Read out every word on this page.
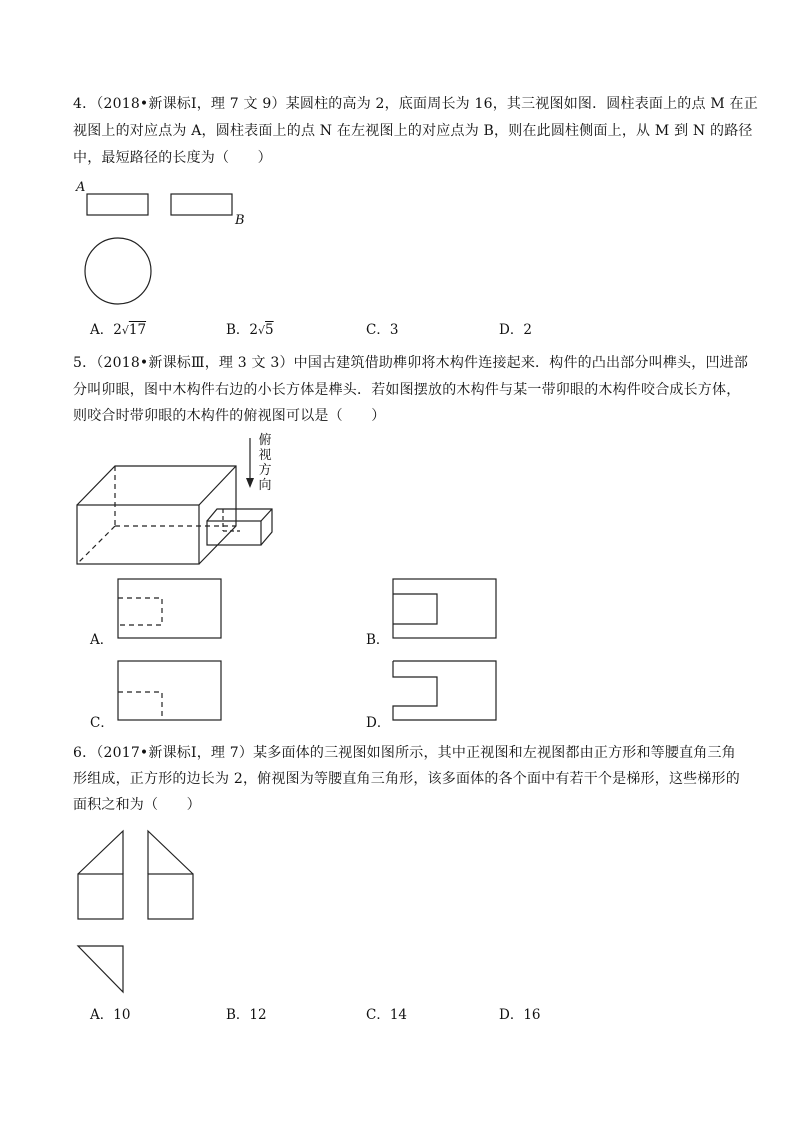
4．（2018•新课标Ⅰ，理 7 文 9）某圆柱的高为 2，底面周长为 16，其三视图如图．圆柱表面上的点 M 在正
视图上的对应点为 A，圆柱表面上的点 N 在左视图上的对应点为 B，则在此圆柱侧面上，从 M 到 N 的路径
中，最短路径的长度为（　　）
A
B
A．2√17	B．2√5	C．3	D．2
5．（2018•新课标Ⅲ，理 3 文 3）中国古建筑借助榫卯将木构件连接起来．构件的凸出部分叫榫头，凹进部
分叫卯眼，图中木构件右边的小长方体是榫头．若如图摆放的木构件与某一带卯眼的木构件咬合成长方体，
则咬合时带卯眼的木构件的俯视图可以是（　　）
俯
视
方
向
A．	B．
C．	D．
6．（2017•新课标Ⅰ，理 7）某多面体的三视图如图所示，其中正视图和左视图都由正方形和等腰直角三角
形组成，正方形的边长为 2，俯视图为等腰直角三角形，该多面体的各个面中有若干个是梯形，这些梯形的
面积之和为（　　）
A．10	B．12	C．14	D．16
